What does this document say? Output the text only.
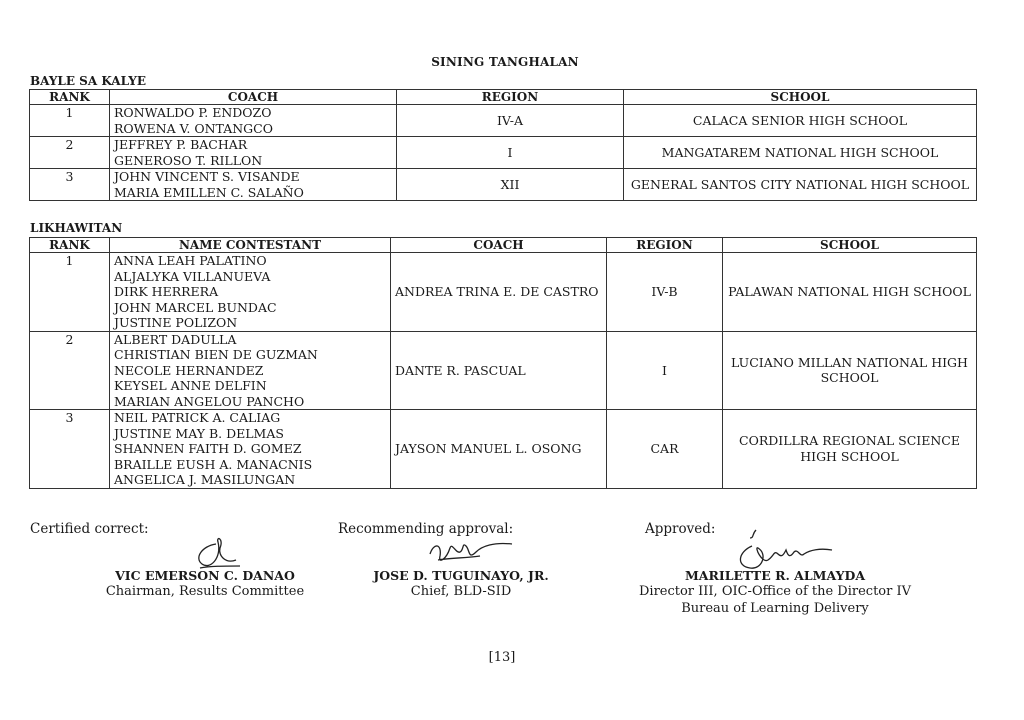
SINING TANGHALAN
BAYLE SA KALYE
RANK	COACH	REGION	SCHOOL
1	RONWALDO P. ENDOZO
ROWENA V. ONTANGCO	IV-A	CALACA SENIOR HIGH SCHOOL
2	JEFFREY P. BACHAR
GENEROSO T. RILLON	I	MANGATAREM NATIONAL HIGH SCHOOL
3	JOHN VINCENT S. VISANDE
MARIA EMILLEN C. SALAÑO	XII	GENERAL SANTOS CITY NATIONAL HIGH SCHOOL
LIKHAWITAN
RANK	NAME CONTESTANT	COACH	REGION	SCHOOL
1	ANNA LEAH PALATINO
ALJALYKA VILLANUEVA
DIRK HERRERA
JOHN MARCEL BUNDAC
JUSTINE POLIZON	ANDREA TRINA E. DE CASTRO	IV-B	PALAWAN NATIONAL HIGH SCHOOL
2	ALBERT DADULLA
CHRISTIAN BIEN DE GUZMAN
NECOLE HERNANDEZ
KEYSEL ANNE DELFIN
MARIAN ANGELOU PANCHO	DANTE R. PASCUAL	I	LUCIANO MILLAN NATIONAL HIGH SCHOOL
3	NEIL PATRICK A. CALIAG
JUSTINE MAY B. DELMAS
SHANNEN FAITH D. GOMEZ
BRAILLE EUSH A. MANACNIS
ANGELICA J. MASILUNGAN	JAYSON MANUEL L. OSONG	CAR	CORDILLRA REGIONAL SCIENCE HIGH SCHOOL
Certified correct:	Recommending approval:	Approved:
VIC EMERSON C. DANAO
Chairman, Results Committee
JOSE D. TUGUINAYO, JR.
Chief, BLD-SID
MARILETTE R. ALMAYDA
Director III, OIC-Office of the Director IV
Bureau of Learning Delivery
[13]
